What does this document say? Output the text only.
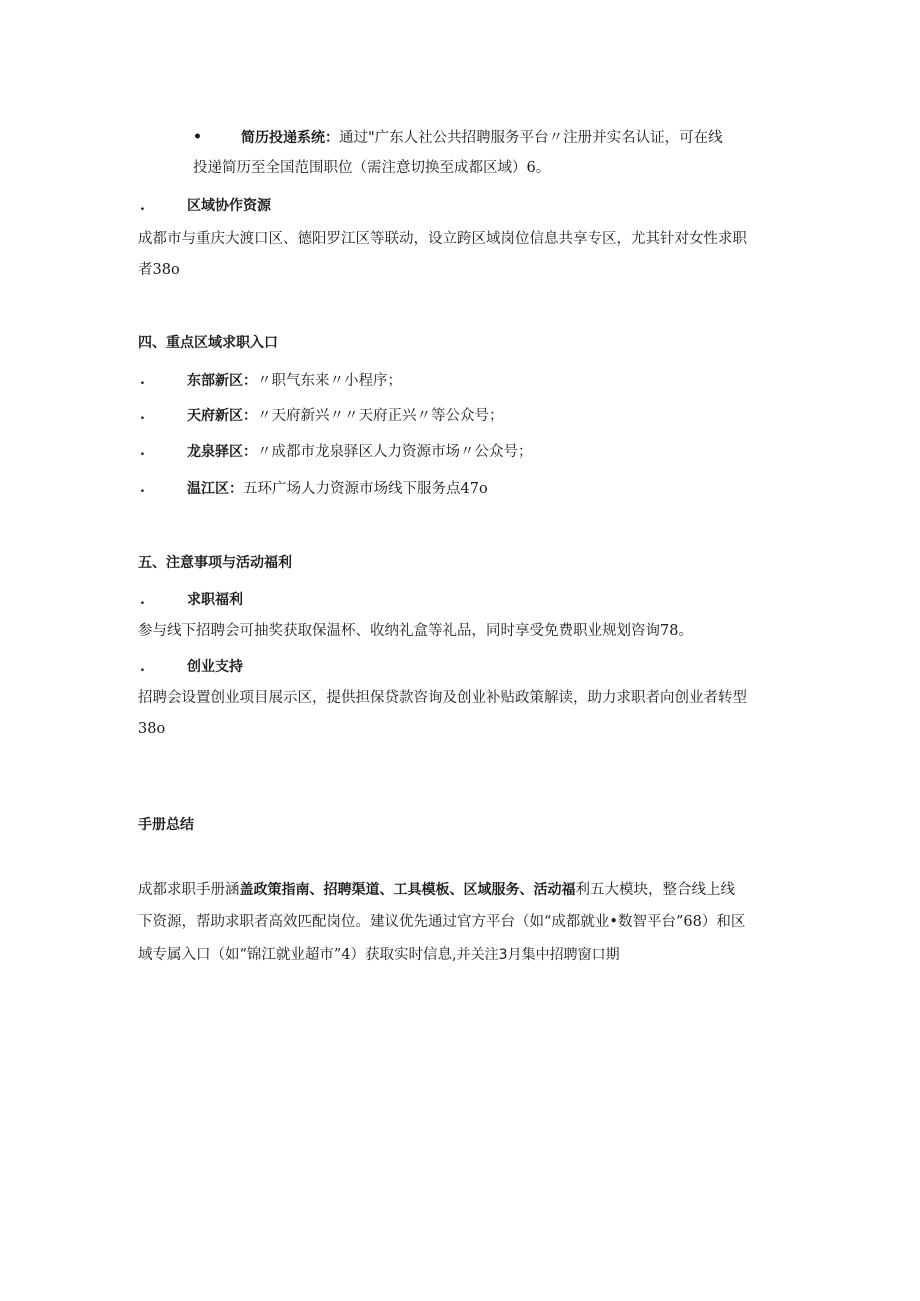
•	简历投递系统：通过"广东人社公共招聘服务平台〃注册并实名认证，可在线
投递简历至全国范围职位（需注意切换至成都区域）6。
.	区域协作资源
成都市与重庆大渡口区、德阳罗江区等联动，设立跨区域岗位信息共享专区，尤其针对女性求职
者38o
四、重点区域求职入口
.	东部新区：〃职气东来〃小程序；
.	天府新区：〃天府新兴〃〃天府正兴〃等公众号；
.	龙泉驿区：〃成都市龙泉驿区人力资源市场〃公众号；
.	温江区：五环广场人力资源市场线下服务点47o
五、注意事项与活动福利
.	求职福利
参与线下招聘会可抽奖获取保温杯、收纳礼盒等礼品，同时享受免费职业规划咨询78。
.	创业支持
招聘会设置创业项目展示区，提供担保贷款咨询及创业补贴政策解读，助力求职者向创业者转型
38o
手册总结
成都求职手册涵盖政策指南、招聘渠道、工具模板、区域服务、活动福利五大模块，整合线上线
下资源，帮助求职者高效匹配岗位。建议优先通过官方平台（如“成都就业•数智平台”68）和区
域专属入口（如“锦江就业超市”4）获取实时信息,并关注3月集中招聘窗口期
